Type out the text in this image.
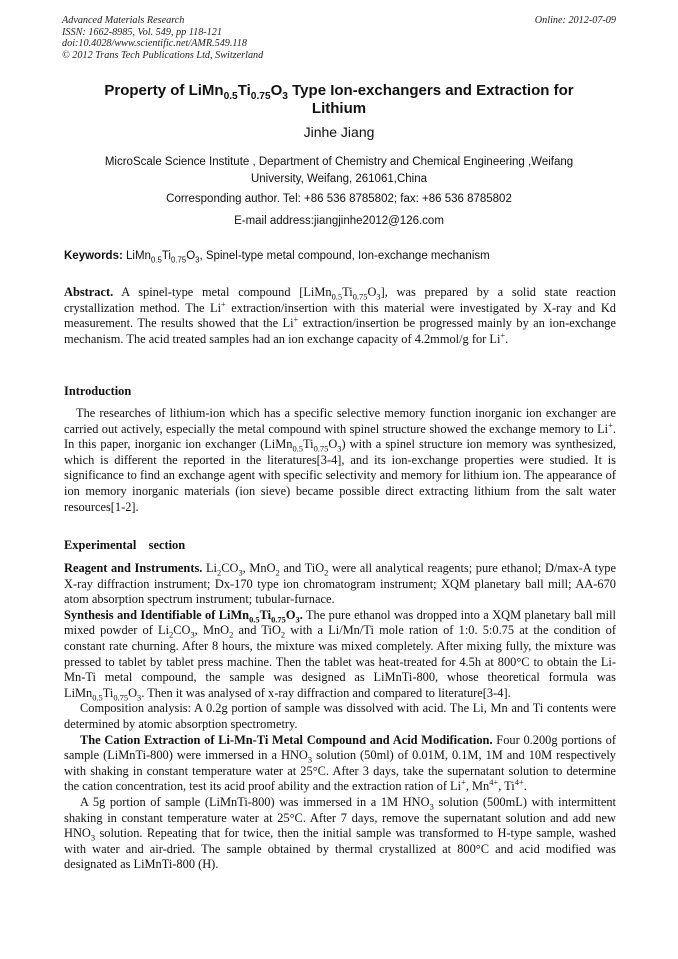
Advanced Materials Research	Online: 2012-07-09
ISSN: 1662-8985, Vol. 549, pp 118-121
doi:10.4028/www.scientific.net/AMR.549.118
© 2012 Trans Tech Publications Ltd, Switzerland
Property of $LiMn_{0.5}Ti_{0.75}O_3$ Type Ion-exchangers and Extraction for Lithium
Jinhe Jiang
MicroScale Science Institute , Department of Chemistry and Chemical Engineering ,Weifang University, Weifang, 261061,China
Corresponding author. Tel: +86 536 8785802; fax: +86 536 8785802
E-mail address:jiangjinhe2012@126.com
Keywords: $LiMn_{0.5}Ti_{0.75}O_3$, Spinel-type metal compound, Ion-exchange mechanism
Abstract. A spinel-type metal compound $[LiMn_{0.5}Ti_{0.75}O_3]$, was prepared by a solid state reaction crystallization method. The Li+ extraction/insertion with this material were investigated by X-ray and Kd measurement. The results showed that the Li+ extraction/insertion be progressed mainly by an ion-exchange mechanism. The acid treated samples had an ion exchange capacity of 4.2mmol/g for Li+.
Introduction
The researches of lithium-ion which has a specific selective memory function inorganic ion exchanger are carried out actively, especially the metal compound with spinel structure showed the exchange memory to Li+. In this paper, inorganic ion exchanger $(LiMn_{0.5}Ti_{0.75}O_3)$ with a spinel structure ion memory was synthesized, which is different the reported in the literatures[3-4], and its ion-exchange properties were studied. It is significance to find an exchange agent with specific selectivity and memory for lithium ion. The appearance of ion memory inorganic materials (ion sieve) became possible direct extracting lithium from the salt water resources[1-2].
Experimental    section
Reagent and Instruments. $Li_2CO_3$, MnO$_2$ and TiO$_2$ were all analytical reagents; pure ethanol; D/max-A type X-ray diffraction instrument; Dx-170 type ion chromatogram instrument; XQM planetary ball mill; AA-670 atom absorption spectrum instrument; tubular-furnace.
Synthesis and Identifiable of $LiMn_{0.5}Ti_{0.75}O_3$. The pure ethanol was dropped into a XQM planetary ball mill mixed powder of $Li_2CO_3$, MnO$_2$ and TiO$_2$ with a Li/Mn/Ti mole ration of 1:0. 5:0.75 at the condition of constant rate churning. After 8 hours, the mixture was mixed completely. After mixing fully, the mixture was pressed to tablet by tablet press machine. Then the tablet was heat-treated for 4.5h at 800°C to obtain the Li-Mn-Ti metal compound, the sample was designed as LiMnTi-800, whose theoretical formula was $LiMn_{0.5}Ti_{0.75}O_3$. Then it was analysed of x-ray diffraction and compared to literature[3-4].
Composition analysis: A 0.2g portion of sample was dissolved with acid. The Li, Mn and Ti contents were determined by atomic absorption spectrometry.
The Cation Extraction of Li-Mn-Ti Metal Compound and Acid Modification. Four 0.200g portions of sample (LiMnTi-800) were immersed in a $HNO_3$ solution (50ml) of 0.01M, 0.1M, 1M and 10M respectively with shaking in constant temperature water at 25°C. After 3 days, take the supernatant solution to determine the cation concentration, test its acid proof ability and the extraction ration of Li+, $Mn^{4+}$, $Ti^{4+}$.
A 5g portion of sample (LiMnTi-800) was immersed in a 1M $HNO_3$ solution (500mL) with intermittent shaking in constant temperature water at 25°C. After 7 days, remove the supernatant solution and add new $HNO_3$ solution. Repeating that for twice, then the initial sample was transformed to H-type sample, washed with water and air-dried. The sample obtained by thermal crystallized at 800°C and acid modified was designated as LiMnTi-800 (H).
